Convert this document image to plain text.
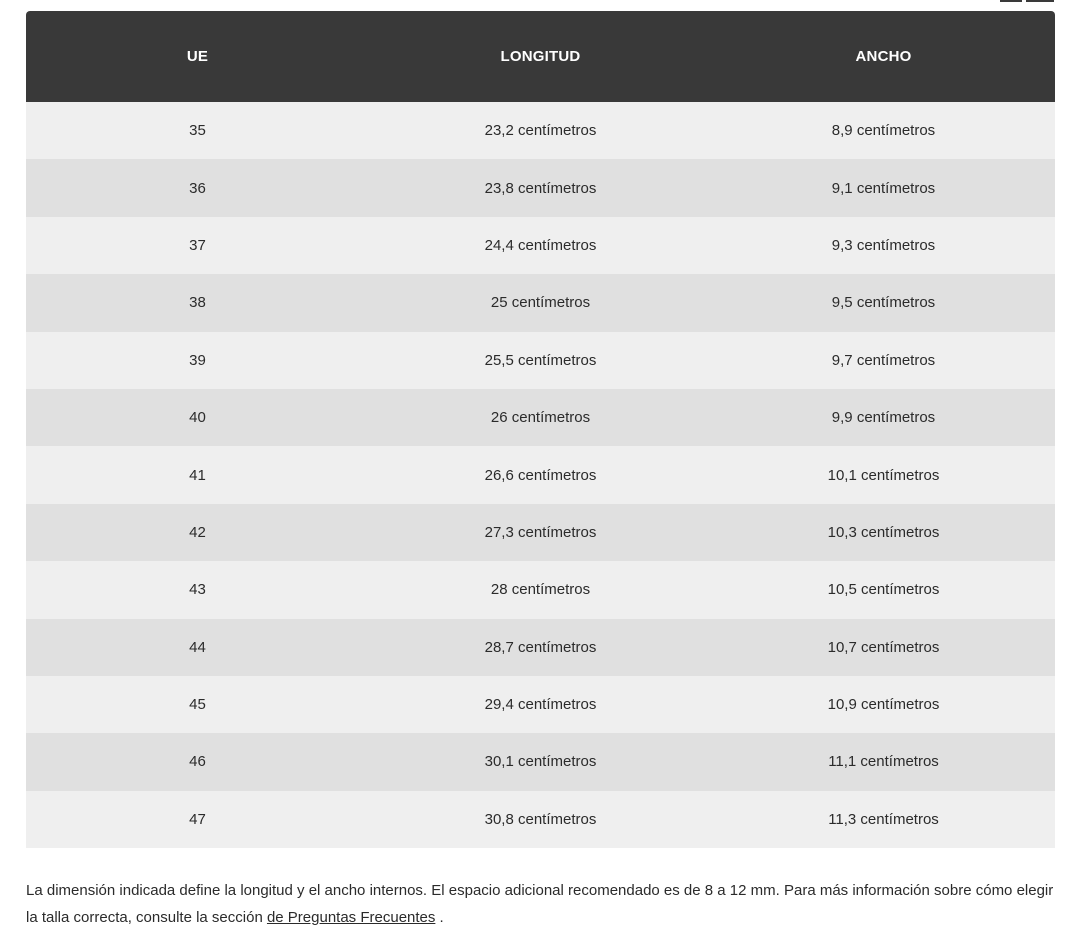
UE	LONGITUD	ANCHO
35	23,2 centímetros	8,9 centímetros
36	23,8 centímetros	9,1 centímetros
37	24,4 centímetros	9,3 centímetros
38	25 centímetros	9,5 centímetros
39	25,5 centímetros	9,7 centímetros
40	26 centímetros	9,9 centímetros
41	26,6 centímetros	10,1 centímetros
42	27,3 centímetros	10,3 centímetros
43	28 centímetros	10,5 centímetros
44	28,7 centímetros	10,7 centímetros
45	29,4 centímetros	10,9 centímetros
46	30,1 centímetros	11,1 centímetros
47	30,8 centímetros	11,3 centímetros

La dimensión indicada define la longitud y el ancho internos. El espacio adicional recomendado es de 8 a 12 mm. Para más información sobre cómo elegir la talla correcta, consulte la sección de Preguntas Frecuentes .
